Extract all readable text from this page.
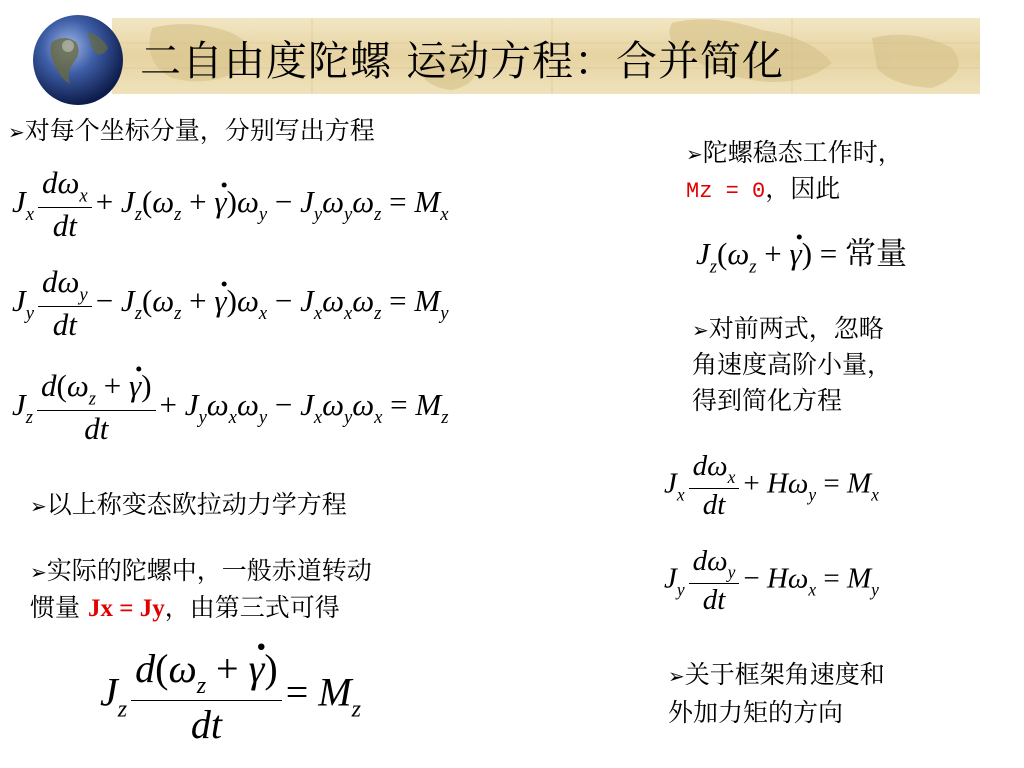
二自由度陀螺 运动方程：合并简化
➢对每个坐标分量，分别写出方程
$J_x \frac{d\omega_x}{dt} + J_z(\omega_z$ + · $\gamma)\omega_y - J_y\omega_y\omega_z = M_x$
$J_y \frac{d\omega_y}{dt} - J_z(\omega_z$ + · $\gamma)\omega_x - J_x\omega_x\omega_z = M_y$
$J_z \frac{d(\omega_z + \cdot \gamma)}{dt} + J_y\omega_x\omega_y - J_x\omega_y\omega_x = M_z$
➢以上称变态欧拉动力学方程
➢实际的陀螺中，一般赤道转动
惯量 Jx = Jy，由第三式可得
$J_z \frac{d(\omega_z + \cdot \gamma)}{dt} = M_z$
➢陀螺稳态工作时，
Mz = 0，因此
$J_z(\omega_z$ + · γ) = 常量
➢对前两式，忽略
角速度高阶小量，
得到简化方程
$J_x \frac{d\omega_x}{dt} + H\omega_y = M_x$
$J_y \frac{d\omega_y}{dt} - H\omega_x = M_y$
➢关于框架角速度和
外加力矩的方向
